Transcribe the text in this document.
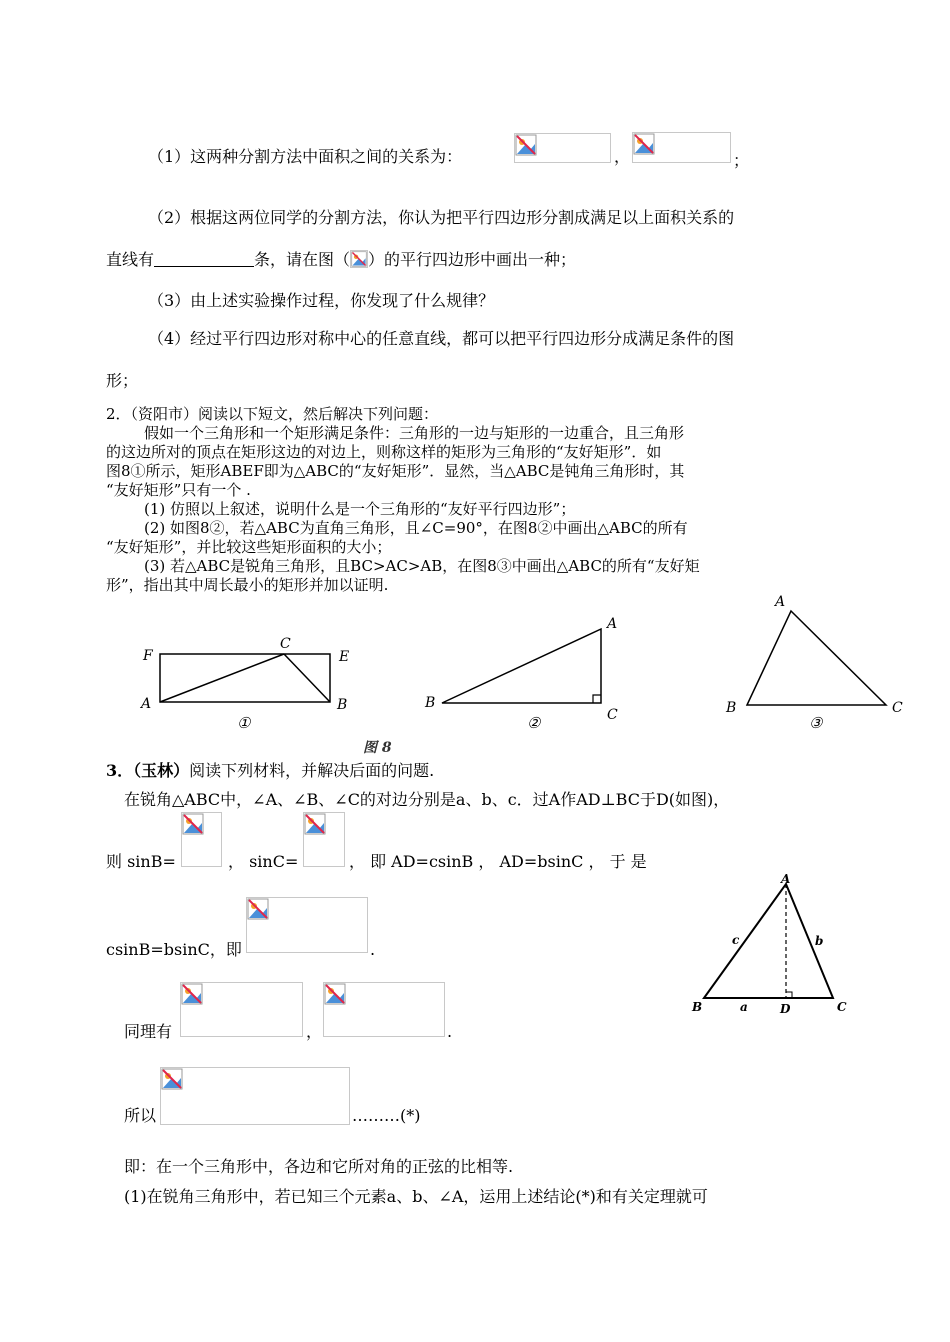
（1）这两种分割方法中面积之间的关系为：	，	；
（2）根据这两位同学的分割方法，你认为把平行四边形分割成满足以上面积关系的
直线有	条，请在图（ ）的平行四边形中画出一种；
（3）由上述实验操作过程，你发现了什么规律？
（4）经过平行四边形对称中心的任意直线，都可以把平行四边形分成满足条件的图
形；
2．（资阳市）阅读以下短文，然后解决下列问题：
假如一个三角形和一个矩形满足条件：三角形的一边与矩形的一边重合，且三角形
的这边所对的顶点在矩形这边的对边上，则称这样的矩形为三角形的“友好矩形”．如
图8①所示，矩形ABEF即为△ABC的“友好矩形”．显然，当△ABC是钝角三角形时，其
“友好矩形”只有一个 .
(1) 仿照以上叙述，说明什么是一个三角形的“友好平行四边形”；
(2) 如图8②，若△ABC为直角三角形，且∠C=90°，在图8②中画出△ABC的所有
“友好矩形”，并比较这些矩形面积的大小；
(3) 若△ABC是锐角三角形，且BC>AC>AB，在图8③中画出△ABC的所有“友好矩
形”，指出其中周长最小的矩形并加以证明.
F
C
E
A	B
①
A
B
C
②
A
B	C
③
图 8
3．（玉林）阅读下列材料，并解决后面的问题.
在锐角△ABC中，∠A、∠B、∠C的对边分别是a、b、c．过A作AD⊥BC于D(如图)，
则 sinB=	， sinC=	， 即 AD=csinB ， AD=bsinC ， 于 是
csinB=bsinC，即	.
同理有	，	.
所以	………(*)
即：在一个三角形中，各边和它所对角的正弦的比相等.
(1)在锐角三角形中，若已知三个元素a、b、∠A，运用上述结论(*)和有关定理就可
A
B	C
D
a
b
c
